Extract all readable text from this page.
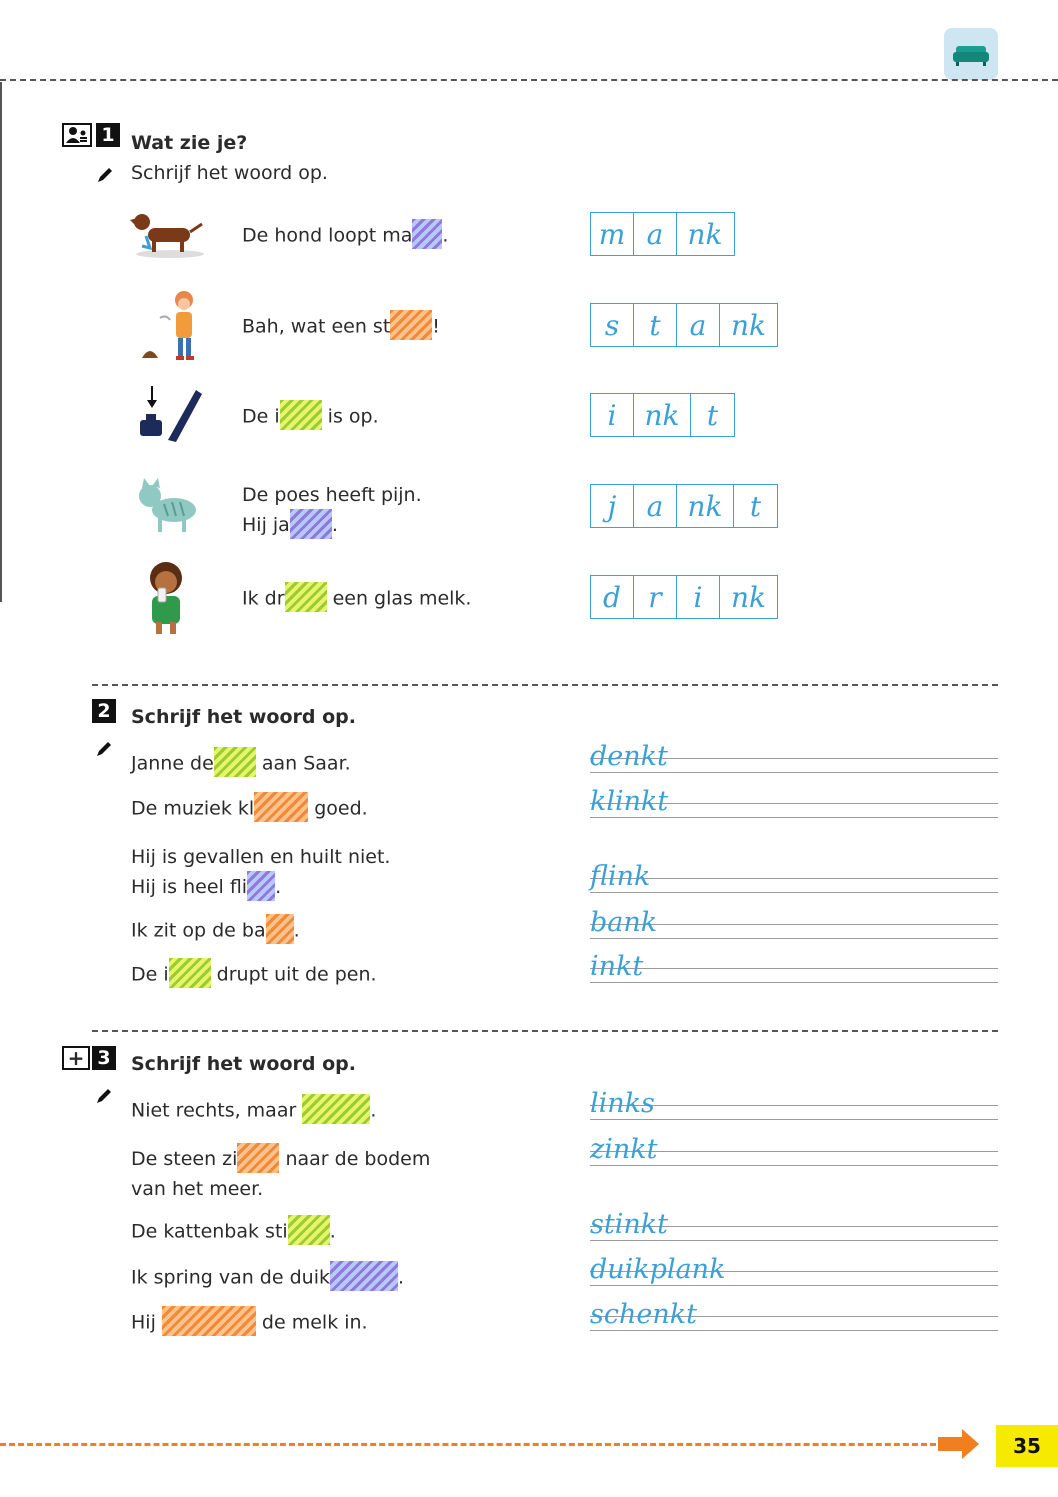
1 Wat zie je?
Schrijf het woord op.
De hond loopt ma .	m a nk
Bah, wat een st !	s	t	a nk
De i is op.	i	nk t
De poes heeft pijn.
Hij ja .
j	a nk t
Ik dr een glas melk.	d r	i	nk
2 Schrijf het woord op.
Janne de aan Saar.	denkt
De muziek kl	goed.	klinkt
Hij is gevallen en huilt niet.
Hij is heel fli .	flink
Ik zit op de ba .	bank
De i drupt uit de pen.	inkt
+ 3 Schrijf het woord op.
Niet rechts, maar	.	links
De steen zi naar de bodem
van het meer.
zinkt
De kattenbak sti .	stinkt
Ik spring van de duik	.	duikplank
Hij	de melk in.	schenkt
35
